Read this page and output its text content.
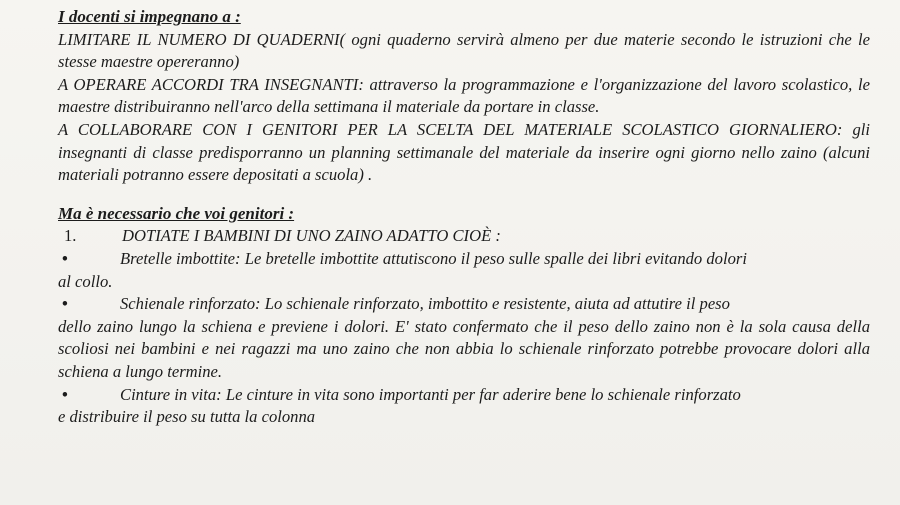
I docenti si impegnano a :
LIMITARE IL NUMERO DI QUADERNI( ogni quaderno servirà almeno per due materie secondo le istruzioni che le stesse maestre opereranno)
A OPERARE ACCORDI TRA INSEGNANTI: attraverso la programmazione e l'organizzazione del lavoro scolastico, le maestre distribuiranno nell'arco della settimana il materiale da portare in classe.
A COLLABORARE CON I GENITORI PER LA SCELTA DEL MATERIALE SCOLASTICO GIORNALIERO: gli insegnanti di classe predisporranno un planning settimanale del materiale da inserire ogni giorno nello zaino (alcuni materiali potranno essere depositati a scuola) .
Ma è necessario che voi genitori :
1.	DOTIATE I BAMBINI DI UNO ZAINO ADATTO CIOÈ :
•	Bretelle imbottite: Le bretelle imbottite attutiscono il peso sulle spalle dei libri evitando dolori
al collo.
•	Schienale rinforzato: Lo schienale rinforzato, imbottito e resistente, aiuta ad attutire il peso
dello zaino lungo la schiena e previene i dolori. E' stato confermato che il peso dello zaino non è la sola causa della scoliosi nei bambini e nei ragazzi ma uno zaino che non abbia lo schienale rinforzato potrebbe provocare dolori alla schiena a lungo termine.
•	Cinture in vita: Le cinture in vita sono importanti per far aderire bene lo schienale rinforzato
e distribuire il peso su tutta la colonna
